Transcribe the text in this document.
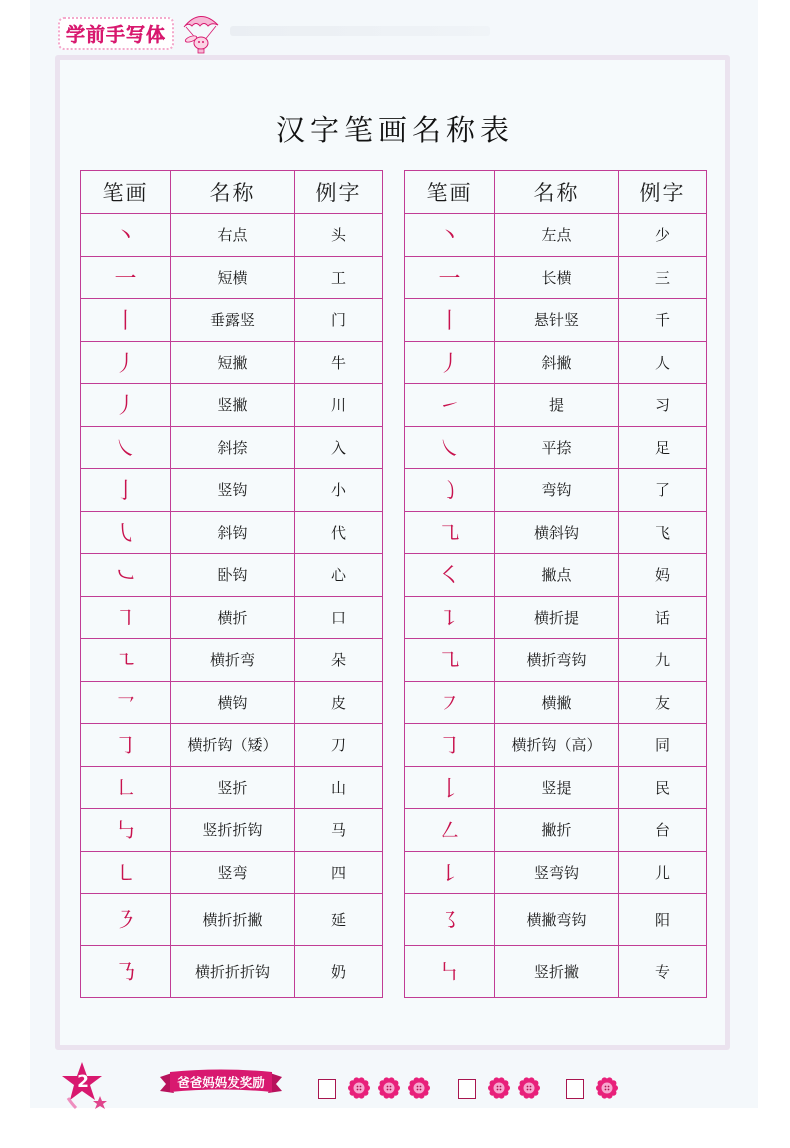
学前手写体
汉字笔画名称表
笔画	名称	例字
丶	右点	头
一	短横	工
丨	垂露竖	门
丿	短撇	牛
丿	竖撇	川
㇏	斜捺	入
亅	竖钩	小
㇂	斜钩	代
㇃	卧钩	心
㇕	横折	口
㇍	横折弯	朵
㇖	横钩	皮
㇆	横折钩（矮）	刀
㇗	竖折	山
㇉	竖折折钩	马
㇄	竖弯	四
㇋	横折折撇	延
㇡	横折折折钩	奶
笔画	名称	例字
丶	左点	少
一	长横	三
丨	悬针竖	千
丿	斜撇	人
㇀	提	习
㇏	平捺	足
㇁	弯钩	了
㇈	横斜钩	飞
㇛	撇点	妈
㇊	横折提	话
㇈	横折弯钩	九
㇇	横撇	友
㇆	横折钩（高）	同
𠄌	竖提	民
㇜	撇折	台
㇙	竖弯钩	儿
㇌	横撇弯钩	阳
㇞	竖折撇	专
2	爸爸妈妈发奖励
